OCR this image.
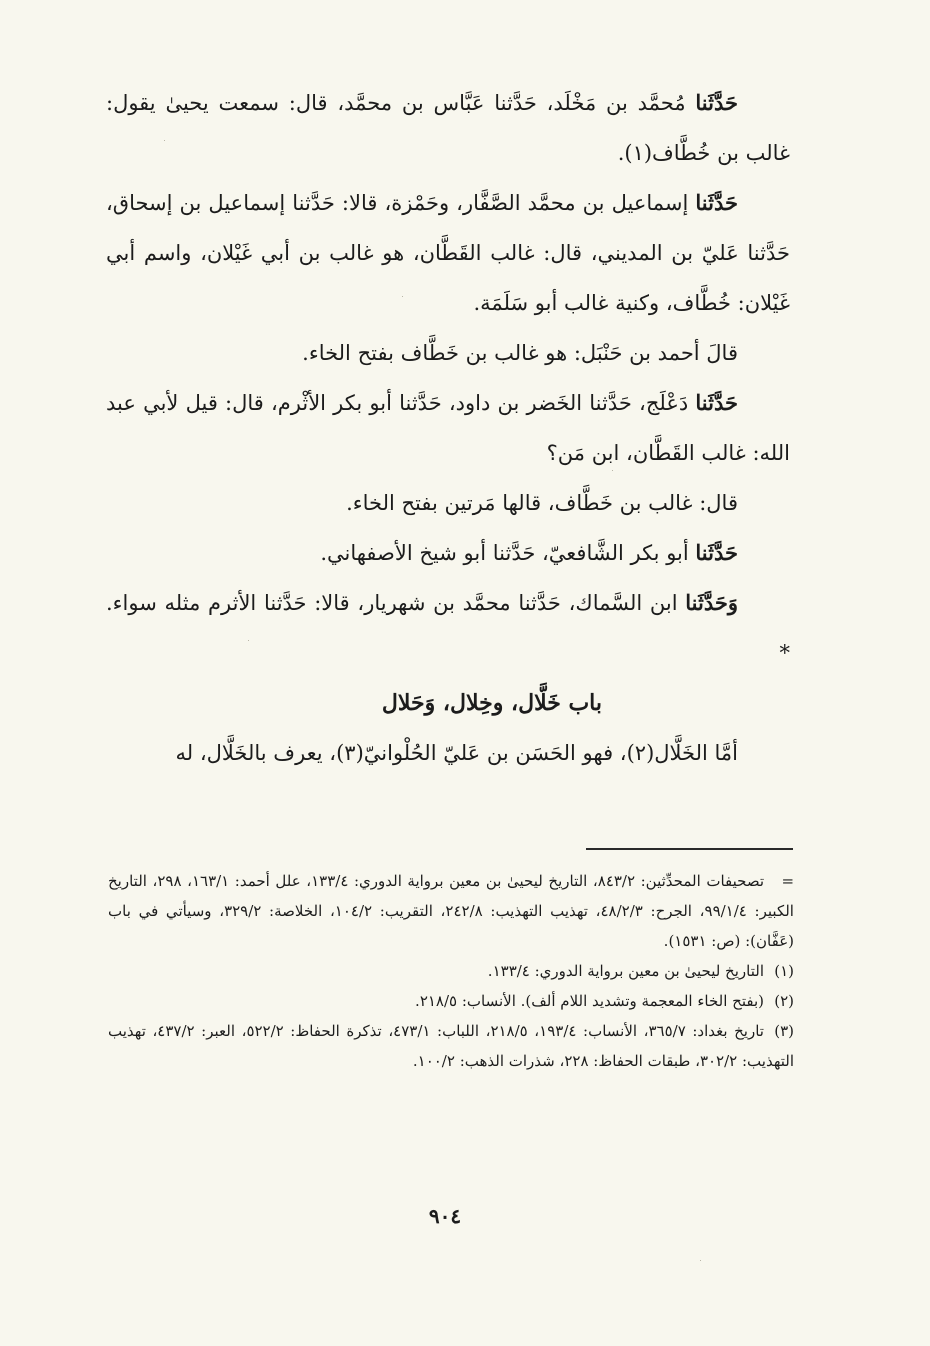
حَدَّثَنا مُحمَّد بن مَخْلَد، حَدَّثنا عَبَّاس بن محمَّد، قال: سمعت يحيىٰ يقول: غالب بن خُطَّاف(١).

حَدَّثَنا إسماعيل بن محمَّد الصَّفَّار، وحَمْزة، قالا: حَدَّثنا إسماعيل بن إسحاق، حَدَّثنا عَليّ بن المديني، قال: غالب القَطَّان، هو غالب بن أبي غَيْلان، واسم أبي غَيْلان: خُطَّاف، وكنية غالب أبو سَلَمَة.

قالَ أحمد بن حَنْبَل: هو غالب بن خَطَّاف بفتح الخاء.

حَدَّثَنا دَعْلَج، حَدَّثنا الخَضر بن داود، حَدَّثنا أبو بكر الأثْرم، قال: قيل لأبي عبد الله: غالب القَطَّان، ابن مَن؟

قال: غالب بن خَطَّاف، قالها مَرتين بفتح الخاء.

حَدَّثَنا أبو بكر الشَّافعيّ، حَدَّثنا أبو شيخ الأصفهاني.

وَحَدَّثَنا ابن السَّماك، حَدَّثنا محمَّد بن شهريار، قالا: حَدَّثنا الأثرم مثله سواء. *

باب خَلَّال، وخِلال، وَحَلال

أمَّا الخَلَّال(٢)، فهو الحَسَن بن عَليّ الحُلْوانيّ(٣)، يعرف بالخَلَّال، له

=تصحيفات المحدِّثين: ٨٤٣/٢، التاريخ ليحيىٰ بن معين برواية الدوري: ١٣٣/٤، علل أحمد: ١٦٣/١، ٢٩٨، التاريخ الكبير: ٩٩/١/٤، الجرح: ٤٨/٢/٣، تهذيب التهذيب: ٢٤٢/٨، التقريب: ١٠٤/٢، الخلاصة: ٣٢٩/٢، وسيأتي في باب (عَفَّان): (ص: ١٥٣١).

(١)التاريخ ليحيىٰ بن معين برواية الدوري: ١٣٣/٤.

(٢)(بفتح الخاء المعجمة وتشديد اللام ألف). الأنساب: ٢١٨/٥.

(٣)تاريخ بغداد: ٣٦٥/٧، الأنساب: ١٩٣/٤، ٢١٨/٥، اللباب: ٤٧٣/١، تذكرة الحفاظ: ٥٢٢/٢، العبر: ٤٣٧/٢، تهذيب التهذيب: ٣٠٢/٢، طبقات الحفاظ: ٢٢٨، شذرات الذهب: ١٠٠/٢.

٩٠٤
